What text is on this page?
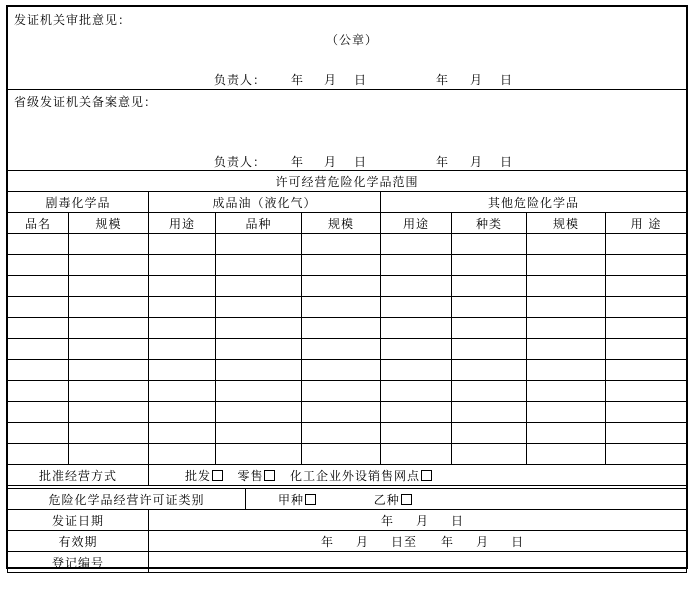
发证机关审批意见：
（公章）
负责人： 年 月 日	年 月 日
省级发证机关备案意见：
负责人： 年 月 日	年 月 日
许可经营危险化学品范围								
剧毒化学品		成品油（液化气）			其他危险化学品			
品名	规模	用途	品种	规模	用途	种类	规模	用 途

批准经营方式		批发 零售 化工企业外设销售网点						
危险化学品经营许可证类别		甲种 乙种
发证日期	年 月 日	
有效期	年 月 日至 年 月 日	
登记编号		
